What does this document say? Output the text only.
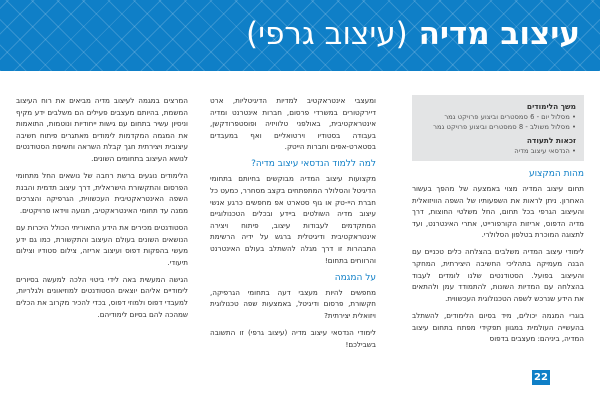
עיצוב מדיה (עיצוב גרפי)
משך הלימודים
• מסלול יום - 6 סמסטרים וביצוע פרויקט גמר
• מסלול משולב - 8 סמסטרים וביצוע פרויקט גמר
זכאות לתעודה
• הנדסאי עיצוב מדיה
מהות המקצוע

תחום עיצוב המדיה מצוי באמצעה של מהפך בעשור האחרון. ניתן לראות את השפעותיו של השפה הוויזואלית והעיצוב הגרפי בכל תחום, החל משלטי החוצות, דרך מדיה הדפוס, אריזות הקורפורייט, אתרי האינטרנט, ועד לתצוגה המוכרת בטלפון הסלולרי.

לימודי עיצוב המדיה משלבים בהצלחה כלים טכניים עם הבנה מעמיקה בתהליכי החשיבה היצירתית, המחקר והעיצוב בפועל. הסטודנטים שלנו לומדים לעבוד בהצלחה עם המדיות השונות, להתמודד עמן ולהתאים את הידע שנרכש לשפה הטכנולוגית העכשווית.

בוגרי המגמה יכולים, מיד בסיום הלימודים, להשתלב בהעשייה העולמית במגוון תפקידי מפתח בתחום עיצוב המדיה, ביניהם: מעצבים בדפוס

ומעצבי אינטראקטיב למדיות הדיגיטליות, ארט דיירקטורים במשרדי פרסום, חברות אינטרנט ומדיה אינטראקטיבית, באולפני טלוויזיה ופוסטפרודקשן, בעבודה בסטודיו וירטואליים ואף במעבדים בסטארט-אפים וחברות הייטק.

למה ללמוד הנדסאי עיצוב מדיה?

מקצועות עיצוב המדיה מבוקשים בחיותם בתחומי הדיגיטל והסלולר המתפתחים בקצב מסחרר, כמעט כל חברת היי-טק או גוף סטארט אפ מחפשים כרגע אנשי עיצוב מדיה השולטים ביידע ובכלים הטכנולוגיים המתקדמים לעבודות עיצוב, פיתוח ויצירה אינטראקטיבית ודיגיטלית ברגש על ידיה הרשימת התבהרות זו דרך מגלה להשתלב בעולם האינטרנט והרווחים בתחום!

על המגמה

מחפשים להיות מעצבי דעה בתחומי הגרפיקה, חקשורת, פרסום ודיגיטל, באמצעות שפה טכנולוגית ויזואלית יצירתית?

לימודי הנדסאי עיצוב מדיה (עיצוב גרפי) זו התשובה בשבילכם!

המרצים במגמה לעיצוב מדיה מביאים את רוח העיצוב המשמת, בהיותם מעצבים פעילים הם משלבים ידע מקיף וניסיון עשיר בתחום עם גישות ייחודיות ונוטמות, התואמות את המגמה המקדמות לימודים מאתגרים פיתוח חשיבה עיצובית ויצירתית חגך קבלת השראה וחשיפת הסטודנטים לנושא העיצוב בתחומים השונים.

הלימודים נוגעים ברשת רחבה של נושאים החל מתחומי הפרסום והתקשורת הישראלית, דרך עיצוב תדמית והבנת השפה האינטראקטיבית העכשווית, הגרפיקה והצרכים ממנה עד תחומי האינטראקטיב, תנועה ווידאו פרויקטים.

הסטודנטים מכירים את הידע התאוריתי הכולל היכרות עם הנושאים השונים בעולם העיצוב והתקשורת, כמו גם ידע מעשי בהפקות דפוס ועיצוב אריזה, צילום סטודיו וצילום תיעודי.

הגישה המעשית באה לידי ביטוי הלכה למעשה בסיורים לימודיים אליהם יוצאים הסטודנטים למוזיאונים ולגלריות, למעבדי דפוס ולמוזי דפוס, בכדי להכיר מקרוב את הכלים שמהכה להם בסיום לימודיהם.

22
